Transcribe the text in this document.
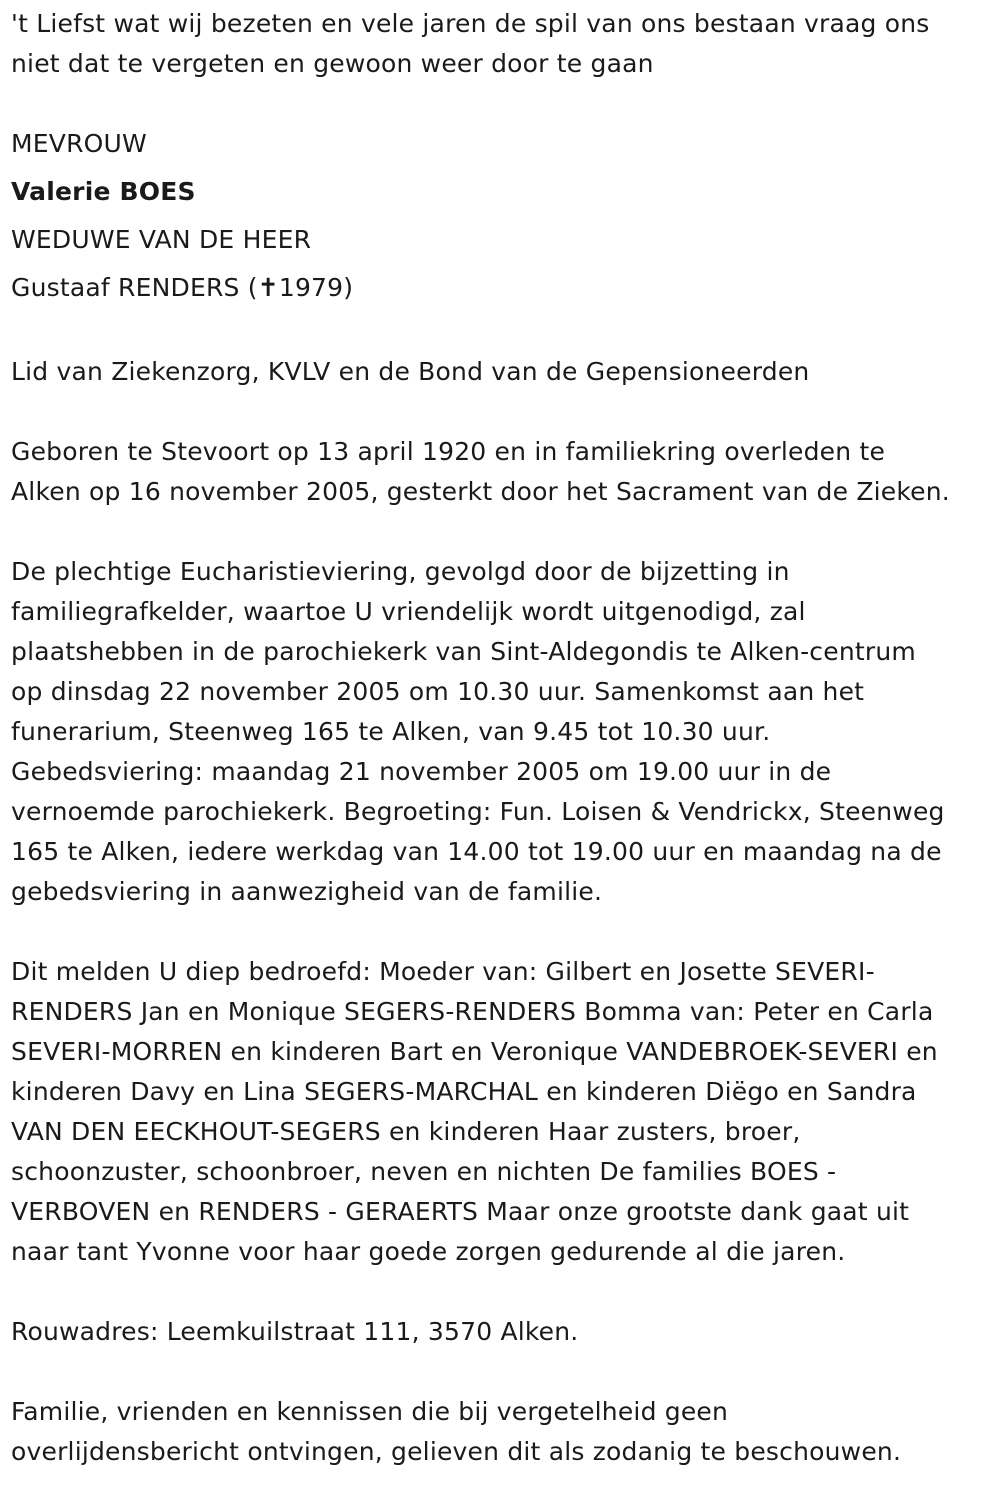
't Liefst wat wij bezeten en vele jaren de spil van ons bestaan vraag ons
niet dat te vergeten en gewoon weer door te gaan
MEVROUW
Valerie BOES
WEDUWE VAN DE HEER
Gustaaf RENDERS (✝1979)
Lid van Ziekenzorg, KVLV en de Bond van de Gepensioneerden
Geboren te Stevoort op 13 april 1920 en in familiekring overleden te
Alken op 16 november 2005, gesterkt door het Sacrament van de Zieken.
De plechtige Eucharistieviering, gevolgd door de bijzetting in
familiegrafkelder, waartoe U vriendelijk wordt uitgenodigd, zal
plaatshebben in de parochiekerk van Sint-Aldegondis te Alken-centrum
op dinsdag 22 november 2005 om 10.30 uur. Samenkomst aan het
funerarium, Steenweg 165 te Alken, van 9.45 tot 10.30 uur.
Gebedsviering: maandag 21 november 2005 om 19.00 uur in de
vernoemde parochiekerk. Begroeting: Fun. Loisen & Vendrickx, Steenweg
165 te Alken, iedere werkdag van 14.00 tot 19.00 uur en maandag na de
gebedsviering in aanwezigheid van de familie.
Dit melden U diep bedroefd: Moeder van: Gilbert en Josette SEVERI-
RENDERS Jan en Monique SEGERS-RENDERS Bomma van: Peter en Carla
SEVERI-MORREN en kinderen Bart en Veronique VANDEBROEK-SEVERI en
kinderen Davy en Lina SEGERS-MARCHAL en kinderen Diëgo en Sandra
VAN DEN EECKHOUT-SEGERS en kinderen Haar zusters, broer,
schoonzuster, schoonbroer, neven en nichten De families BOES -
VERBOVEN en RENDERS - GERAERTS Maar onze grootste dank gaat uit
naar tant Yvonne voor haar goede zorgen gedurende al die jaren.
Rouwadres: Leemkuilstraat 111, 3570 Alken.
Familie, vrienden en kennissen die bij vergetelheid geen
overlijdensbericht ontvingen, gelieven dit als zodanig te beschouwen.
